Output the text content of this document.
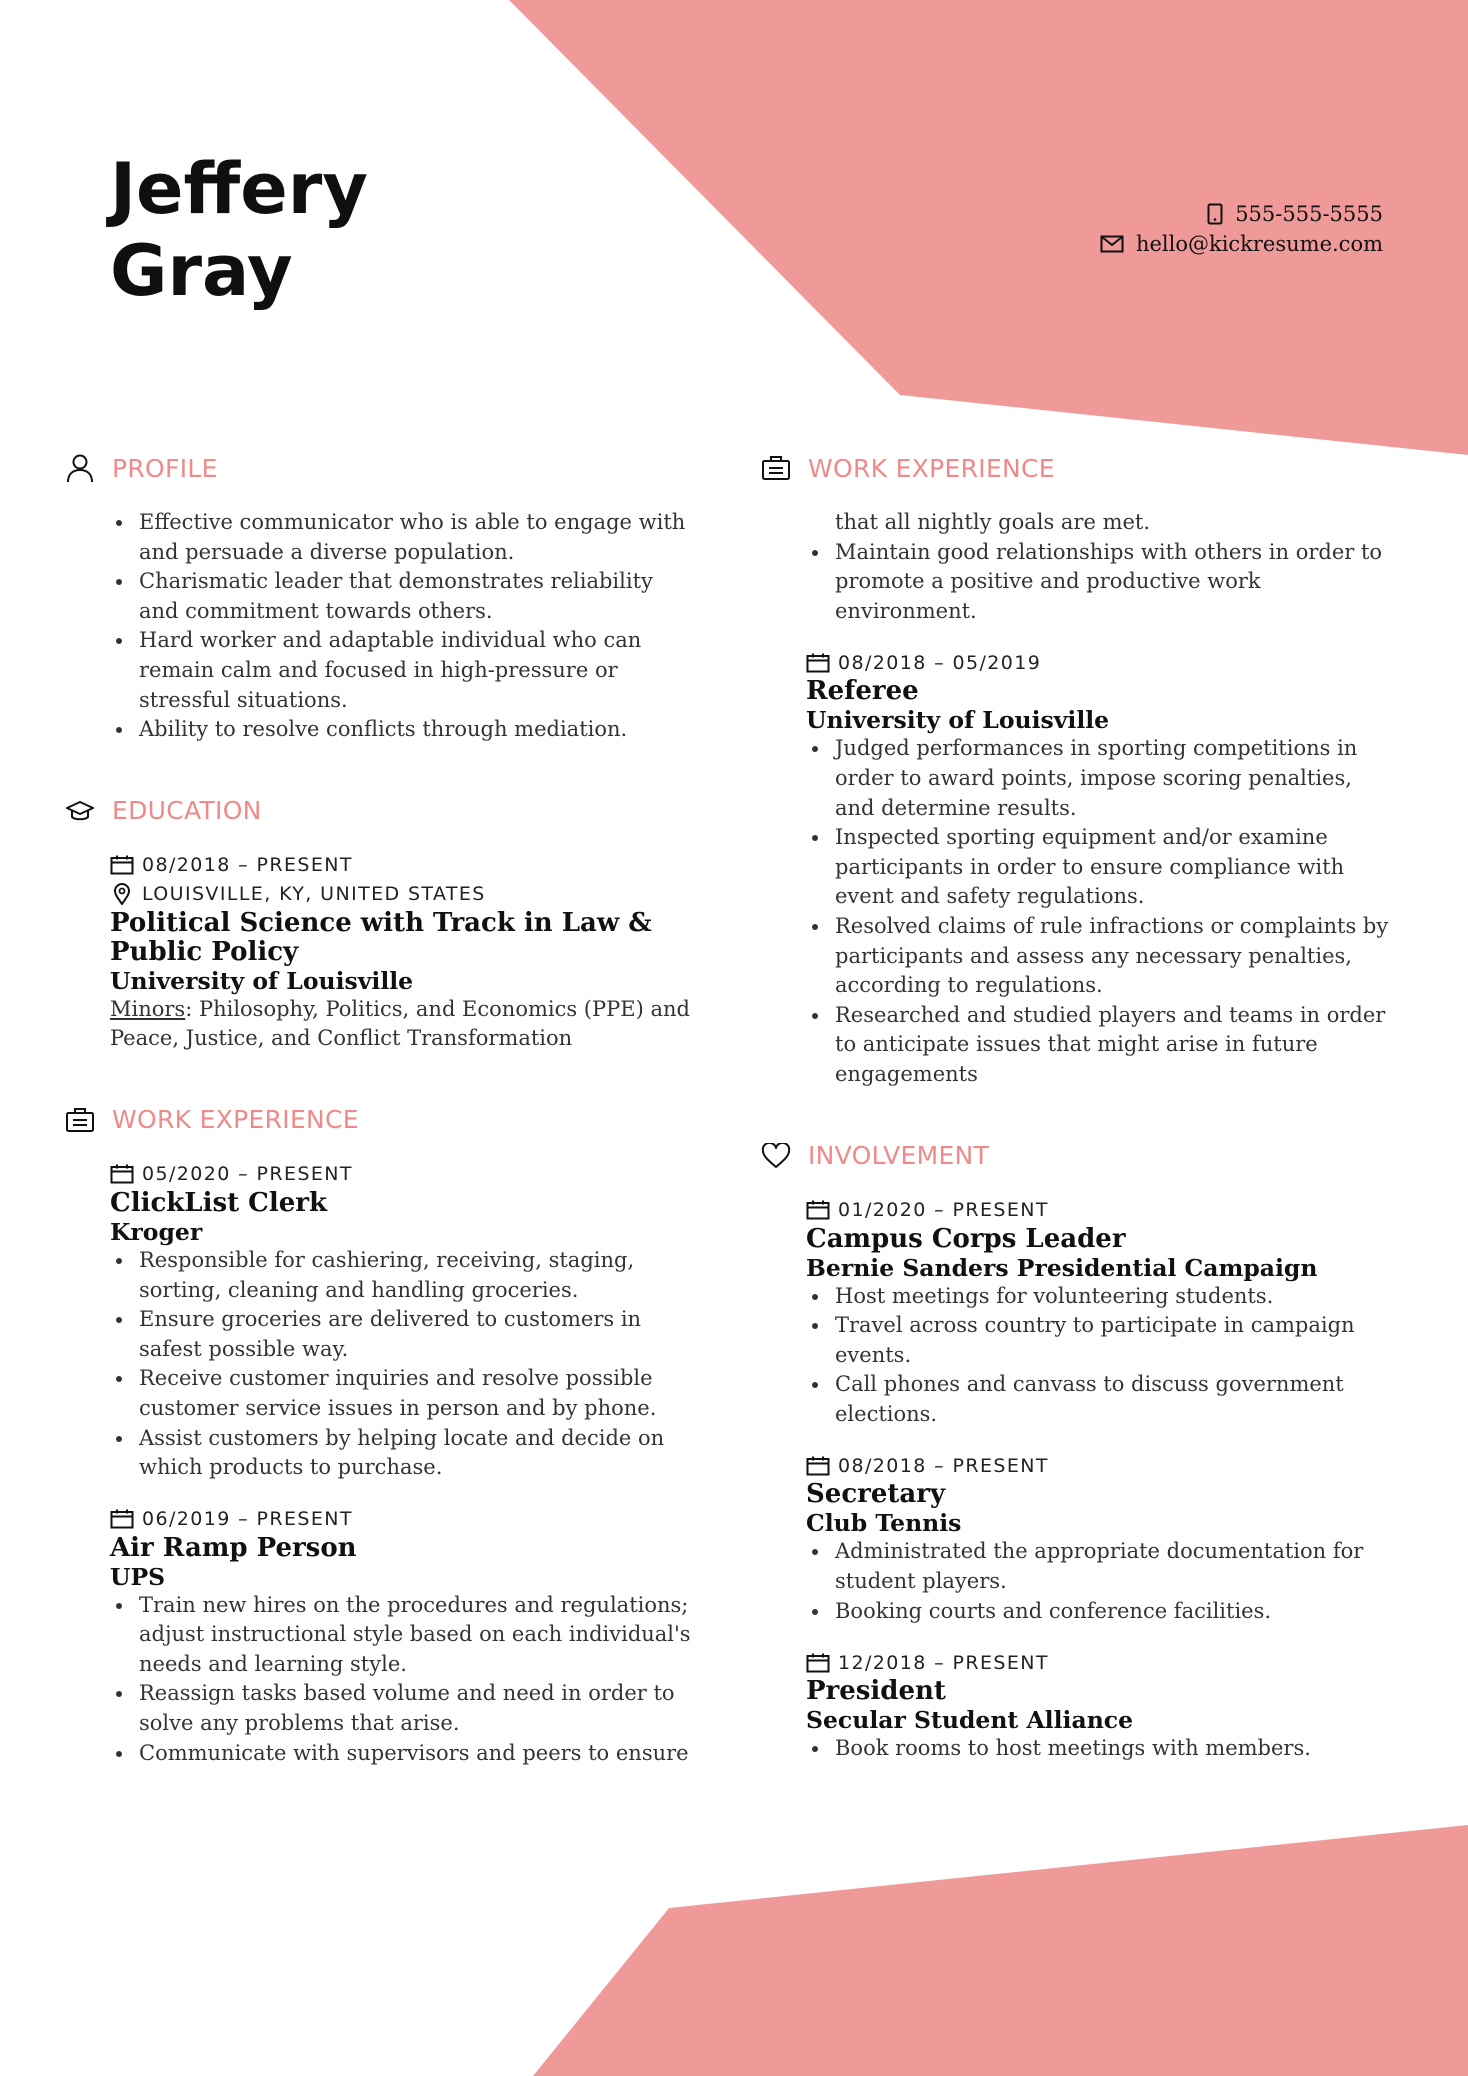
Jeffery
Gray
555-555-5555
hello@kickresume.com
PROFILE
Effective communicator who is able to engage with and persuade a diverse population.
Charismatic leader that demonstrates reliability and commitment towards others.
Hard worker and adaptable individual who can remain calm and focused in high-pressure or stressful situations.
Ability to resolve conflicts through mediation.
EDUCATION
08/2018 – PRESENT
LOUISVILLE, KY, UNITED STATES
Political Science with Track in Law & Public Policy
University of Louisville
Minors: Philosophy, Politics, and Economics (PPE) and Peace, Justice, and Conflict Transformation
WORK EXPERIENCE
05/2020 – PRESENT
ClickList Clerk
Kroger
Responsible for cashiering, receiving, staging, sorting, cleaning and handling groceries.
Ensure groceries are delivered to customers in safest possible way.
Receive customer inquiries and resolve possible customer service issues in person and by phone.
Assist customers by helping locate and decide on which products to purchase.
06/2019 – PRESENT
Air Ramp Person
UPS
Train new hires on the procedures and regulations; adjust instructional style based on each individual's needs and learning style.
Reassign tasks based volume and need in order to solve any problems that arise.
Communicate with supervisors and peers to ensure
WORK EXPERIENCE
that all nightly goals are met.
Maintain good relationships with others in order to promote a positive and productive work environment.
08/2018 – 05/2019
Referee
University of Louisville
Judged performances in sporting competitions in order to award points, impose scoring penalties, and determine results.
Inspected sporting equipment and/or examine participants in order to ensure compliance with event and safety regulations.
Resolved claims of rule infractions or complaints by participants and assess any necessary penalties, according to regulations.
Researched and studied players and teams in order to anticipate issues that might arise in future engagements
INVOLVEMENT
01/2020 – PRESENT
Campus Corps Leader
Bernie Sanders Presidential Campaign
Host meetings for volunteering students.
Travel across country to participate in campaign events.
Call phones and canvass to discuss government elections.
08/2018 – PRESENT
Secretary
Club Tennis
Administrated the appropriate documentation for student players.
Booking courts and conference facilities.
12/2018 – PRESENT
President
Secular Student Alliance
Book rooms to host meetings with members.
